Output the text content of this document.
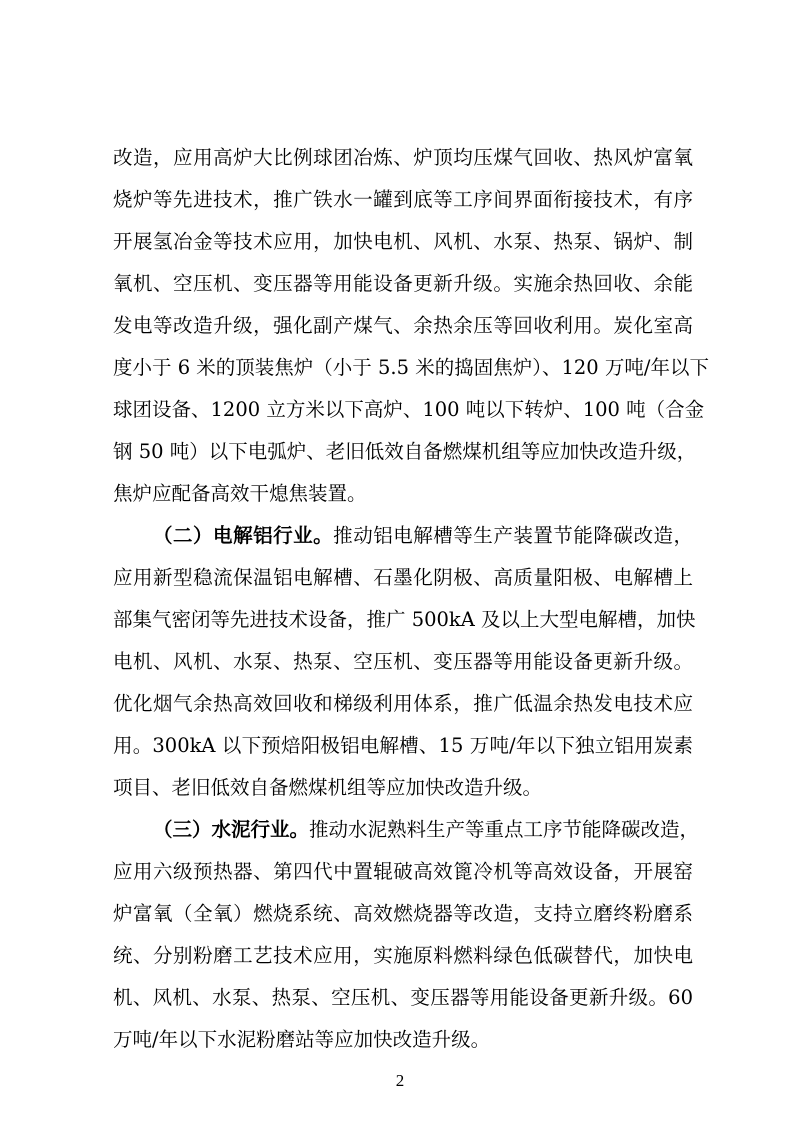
改造，应用高炉大比例球团冶炼、炉顶均压煤气回收、热风炉富氧
烧炉等先进技术，推广铁水一罐到底等工序间界面衔接技术，有序
开展氢冶金等技术应用，加快电机、风机、水泵、热泵、锅炉、制
氧机、空压机、变压器等用能设备更新升级。实施余热回收、余能
发电等改造升级，强化副产煤气、余热余压等回收利用。炭化室高
度小于 6 米的顶装焦炉（小于 5.5 米的捣固焦炉）、120 万吨/年以下
球团设备、1200 立方米以下高炉、100 吨以下转炉、100 吨（合金
钢 50 吨）以下电弧炉、老旧低效自备燃煤机组等应加快改造升级，
焦炉应配备高效干熄焦装置。
（二）电解铝行业。推动铝电解槽等生产装置节能降碳改造，
应用新型稳流保温铝电解槽、石墨化阴极、高质量阳极、电解槽上
部集气密闭等先进技术设备，推广 500kA 及以上大型电解槽，加快
电机、风机、水泵、热泵、空压机、变压器等用能设备更新升级。
优化烟气余热高效回收和梯级利用体系，推广低温余热发电技术应
用。300kA 以下预焙阳极铝电解槽、15 万吨/年以下独立铝用炭素
项目、老旧低效自备燃煤机组等应加快改造升级。
（三）水泥行业。推动水泥熟料生产等重点工序节能降碳改造，
应用六级预热器、第四代中置辊破高效篦冷机等高效设备，开展窑
炉富氧（全氧）燃烧系统、高效燃烧器等改造，支持立磨终粉磨系
统、分别粉磨工艺技术应用，实施原料燃料绿色低碳替代，加快电
机、风机、水泵、热泵、空压机、变压器等用能设备更新升级。60
万吨/年以下水泥粉磨站等应加快改造升级。
2
